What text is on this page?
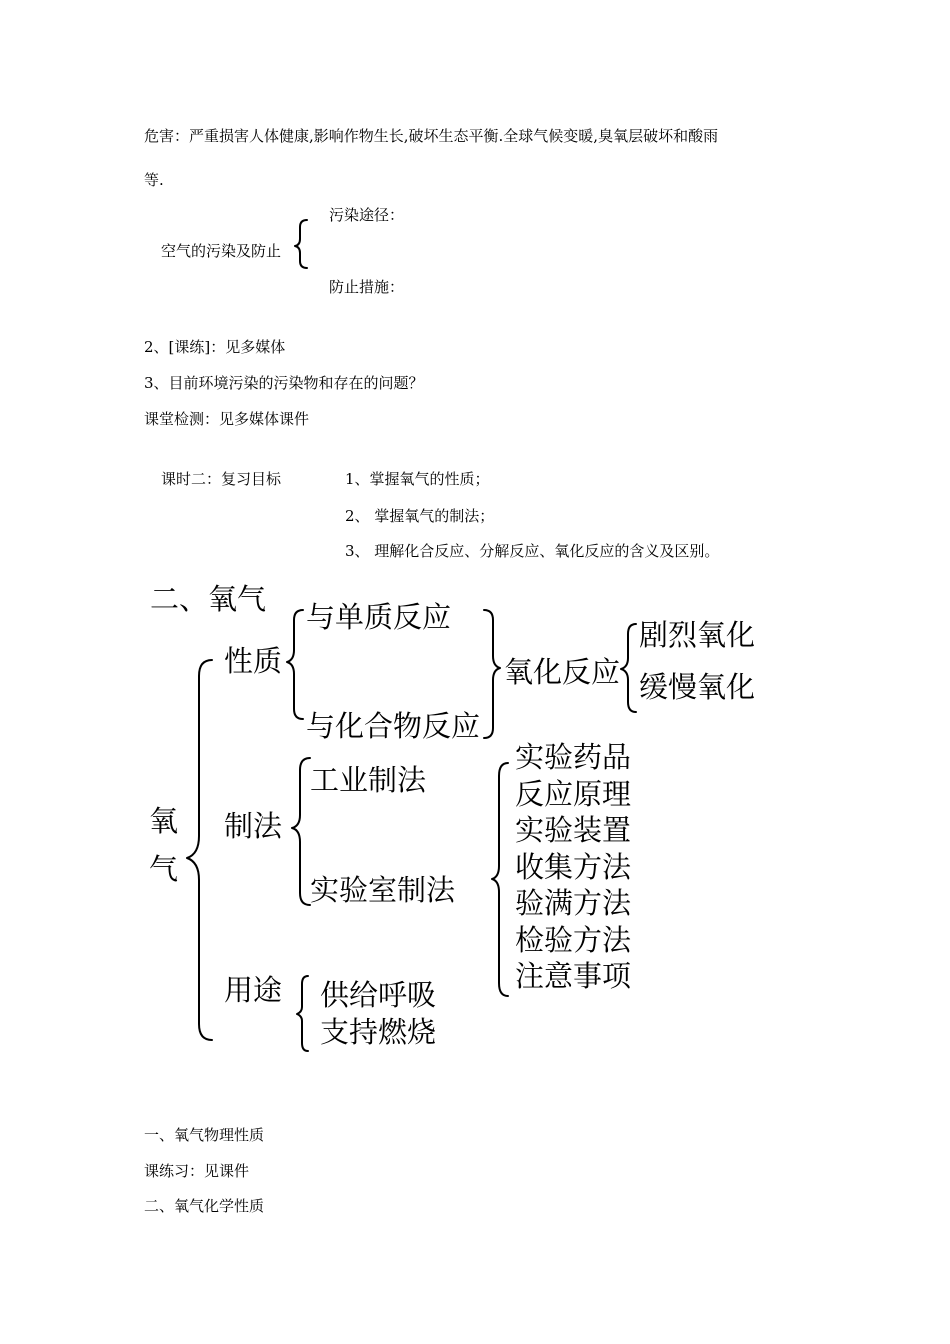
危害：严重损害人体健康,影响作物生长,破坏生态平衡.全球气候变暖,臭氧层破坏和酸雨
等.
污染途径：
空气的污染及防止
防止措施：
2、[课练]：见多媒体
3、目前环境污染的污染物和存在的问题？
课堂检测：见多媒体课件
课时二：复习目标	1、掌握氧气的性质；
2、 掌握氧气的制法；
3、 理解化合反应、分解反应、氧化反应的含义及区别。
二、氧气
氧气
性质
与单质反应
与化合物反应
氧化反应
剧烈氧化
缓慢氧化
制法
工业制法
实验室制法
实验药品
反应原理
实验装置
收集方法
验满方法
检验方法
注意事项
用途 供给呼吸
支持燃烧
一、氧气物理性质
课练习：见课件
二、氧气化学性质
